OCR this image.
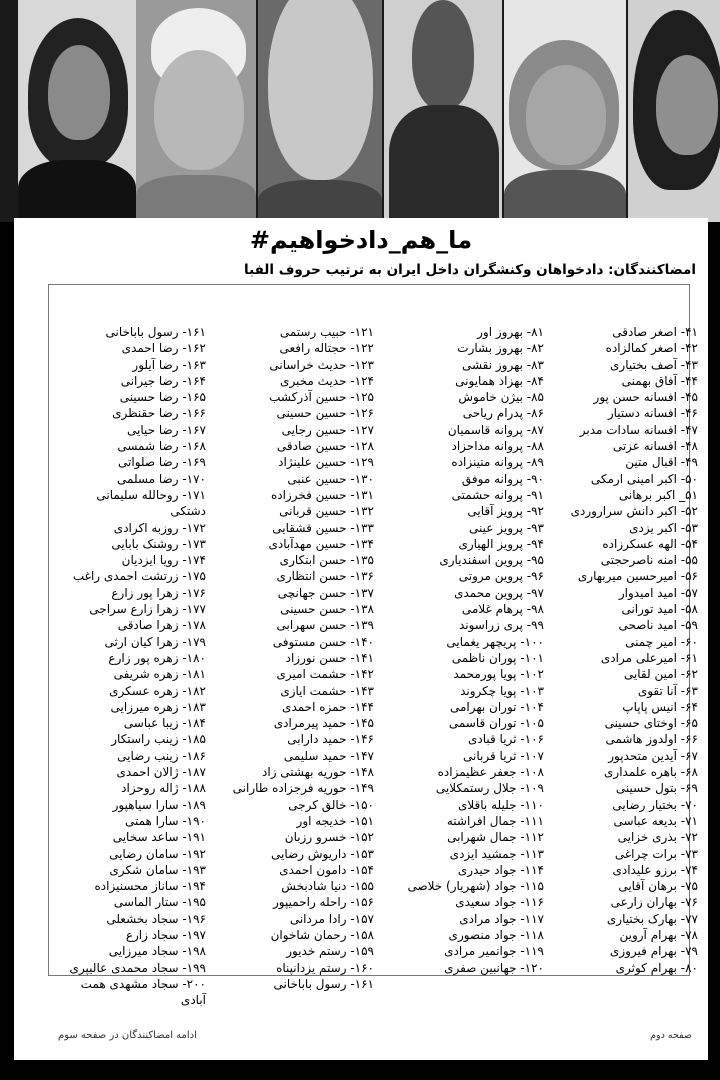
#ما_هم_دادخواهیم
امضاکنندگان: دادخواهان وکنشگران داخل ایران به ترتیب حروف الفبا
۴۱- اصغر صادقی
۴۲- اصغر کمالزاده
۴۳- آصف بختیاری
۴۴- آفاق بهمنی
۴۵- افسانه حسن پور
۴۶- افسانه دستیار
۴۷- افسانه سادات مدبر
۴۸- افسانه عزتی
۴۹- اقبال متین
۵۰- اکبر امینی ارمکی
۵۱_ اکبر برهانی
۵۲- اکبر دانش سراروردی
۵۳- اکبر یزدی
۵۴- الهه عسکرزاده
۵۵- امنه ناصرحجتی
۵۶- امیرحسین میربهاری
۵۷- امید امیدوار
۵۸- امید تورانی
۵۹- امید ناصحی
۶۰- امیر چمنی
۶۱- امیرعلی مرادی
۶۲- امین لقایی
۶۳- آنا تقوی
۶۴- انیس پاپاپ
۶۵- اوختای حسینی
۶۶- اولدوز هاشمی
۶۷- آیدین متحدپور
۶۸- باهره علمداری
۶۹- بتول حسینی
۷۰- بختیار رضایی
۷۱- بدیعه عباسی
۷۲- بذری خزایی
۷۳- برات چراغی
۷۴- برزو علیدادی
۷۵- برهان آقایی
۷۶- بهاران زارعی
۷۷- بهارک بختیاری
۷۸- بهرام آروین
۷۹- بهرام فیروزی
۸۰- بهرام کوثری
۸۱- بهروز اور
۸۲- بهروز بشارت
۸۳- بهروز نقشی
۸۴- بهزاد همایونی
۸۵- بیژن خاموش
۸۶- پدرام ریاحی
۸۷- پروانه قاسمیان
۸۸- پروانه مداحزاد
۸۹- پروانه متینزاده
۹۰- پروانه موفق
۹۱- پروانه حشمتی
۹۲- پرویز آقایی
۹۳- پرویز عینی
۹۴- پرویز الهیاری
۹۵- پروین اسفندیاری
۹۶- پروین مروتی
۹۷- پروین محمدی
۹۸- پرهام غلامی
۹۹- پری زراسوند
۱۰۰- پریچهر یغمایی
۱۰۱- پوران ناظمی
۱۰۲- پویا پورمحمد
۱۰۳- پویا چکروند
۱۰۴- توران بهرامی
۱۰۵- توران قاسمی
۱۰۶- ثریا قبادی
۱۰۷- ثریا قربانی
۱۰۸- جعفر عظیمزاده
۱۰۹- جلال رستمکلایی
۱۱۰- جلیله باقلای
۱۱۱- جمال افراشته
۱۱۲- جمال شهرابی
۱۱۳- جمشید ایزدی
۱۱۴- جواد حیدری
۱۱۵- جواد (شهریار) خلاصی
۱۱۶- جواد سعیدی
۱۱۷- جواد مرادی
۱۱۸- جواد منصوری
۱۱۹- جوانمیر مرادی
۱۲۰- جهانبین صفری
۱۲۱- حبیب رستمی
۱۲۲- حجتاله رافعی
۱۲۳- حدیث خراسانی
۱۲۴- حدیث مخبری
۱۲۵- حسین آذرکشب
۱۲۶- حسین حسینی
۱۲۷- حسین رجایی
۱۲۸- حسین صادقی
۱۲۹- حسین علینژاد
۱۳۰- حسین عنبی
۱۳۱- حسین فخرزاده
۱۳۲- حسین قربانی
۱۳۳- حسین قشقایی
۱۳۴- حسین مهدآبادی
۱۳۵- حسن ابتکاری
۱۳۶- حسن انتظاری
۱۳۷- حسن جهانچی
۱۳۸- حسن حسینی
۱۳۹- حسن سهرابی
۱۴۰- حسن مستوفی
۱۴۱- حسن نورزاد
۱۴۲- حشمت امیری
۱۴۳- حشمت ایازی
۱۴۴- حمزه احمدی
۱۴۵- حمید پیرمرادی
۱۴۶- حمید دارابی
۱۴۷- حمید سلیمی
۱۴۸- حوریه بهشتی زاد
۱۴۹- حوریه فرجزاده طارانی
۱۵۰- خالق کرجی
۱۵۱- خدیجه اور
۱۵۲- خسرو رزبان
۱۵۳- داریوش رضایی
۱۵۴- دامون احمدی
۱۵۵- دنیا شادبخش
۱۵۶- راحله راحمیپور
۱۵۷- رادا مردانی
۱۵۸- رحمان شاخوان
۱۵۹- رستم خدیور
۱۶۰- رستم یزدانپناه
۱۶۱- رسول باباخانی
۱۶۱- رسول باباخانی
۱۶۲- رضا احمدی
۱۶۳- رضا آیلور
۱۶۴- رضا جیرانی
۱۶۵- رضا حسینی
۱۶۶- رضا حقنظری
۱۶۷- رضا حیایی
۱۶۸- رضا شمسی
۱۶۹- رضا صلواتی
۱۷۰- رضا مسلمی
۱۷۱- روحالله سلیمانی
دشتکی
۱۷۲- روزبه اکرادی
۱۷۳- روشنک بابایی
۱۷۴- رویا ایزدیان
۱۷۵- زرتشت احمدی راغب
۱۷۶- زهرا پور زارع
۱۷۷- زهرا زارع سراجی
۱۷۸- زهرا صادقی
۱۷۹- زهرا کیان ارثی
۱۸۰- زهره پور زارع
۱۸۱- زهره شریفی
۱۸۲- زهره عسکری
۱۸۳- زهره میرزایی
۱۸۴- زیبا عباسی
۱۸۵- زینب راستکار
۱۸۶- زینب رضایی
۱۸۷- ژالان احمدی
۱۸۸- ژاله روحزاد
۱۸۹- سارا سیاهپور
۱۹۰- سارا همتی
۱۹۱- ساعد سخایی
۱۹۲- سامان رضایی
۱۹۳- سامان شکری
۱۹۴- ساناز محسنیزاده
۱۹۵- ستار الماسی
۱۹۶- سجاد بخشعلی
۱۹۷- سجاد زارع
۱۹۸- سجاد میرزایی
۱۹۹- سجاد محمدی عالیپری
۲۰۰- سجاد مشهدی همت
آبادی
صفحه دوم
ادامه امضاکنندگان در صفحه سوم
